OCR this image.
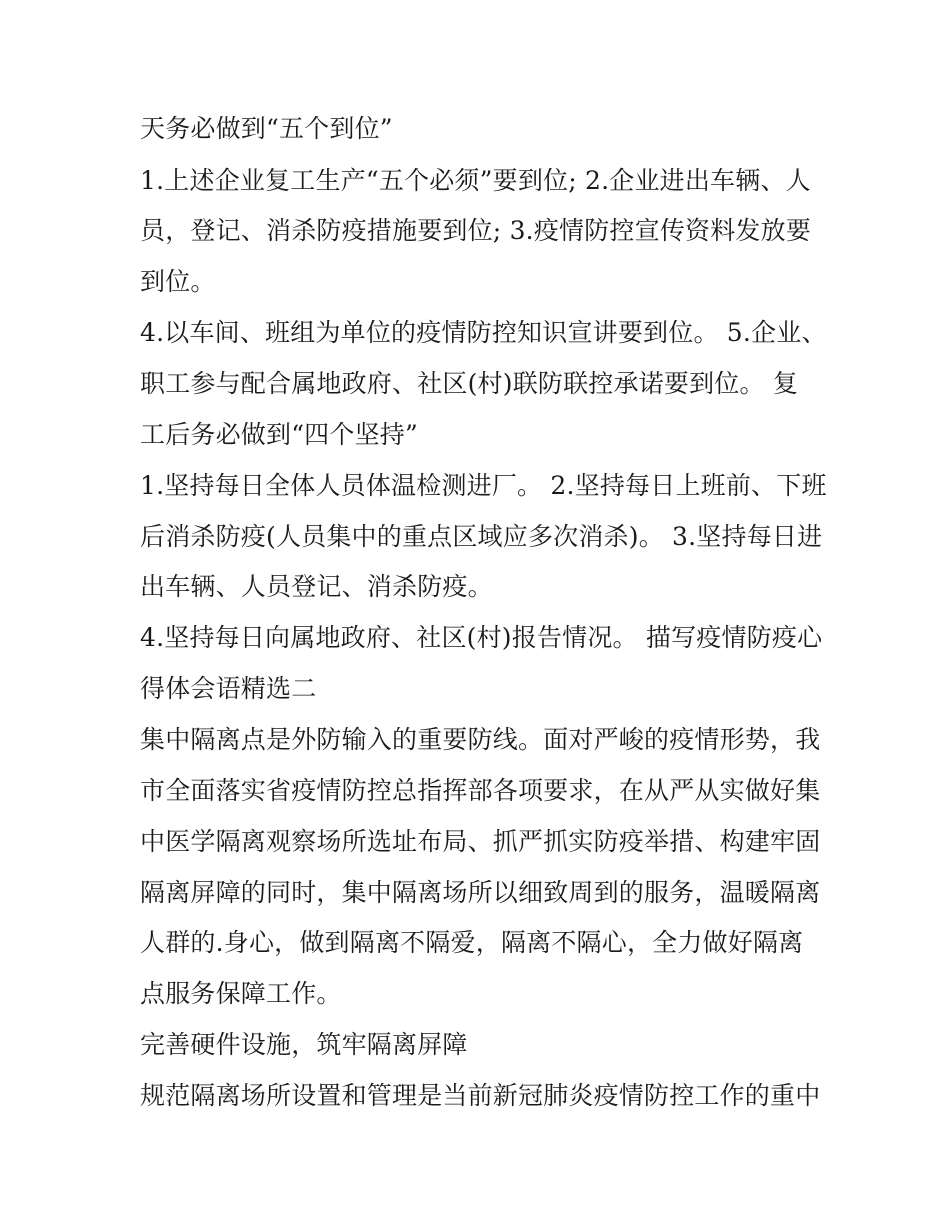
天务必做到“五个到位”
1.上述企业复工生产“五个必须”要到位; 2.企业进出车辆、人
员，登记、消杀防疫措施要到位; 3.疫情防控宣传资料发放要
到位。
4.以车间、班组为单位的疫情防控知识宣讲要到位。 5.企业、
职工参与配合属地政府、社区(村)联防联控承诺要到位。 复
工后务必做到“四个坚持”
1.坚持每日全体人员体温检测进厂。 2.坚持每日上班前、下班
后消杀防疫(人员集中的重点区域应多次消杀)。 3.坚持每日进
出车辆、人员登记、消杀防疫。
4.坚持每日向属地政府、社区(村)报告情况。 描写疫情防疫心
得体会语精选二
集中隔离点是外防输入的重要防线。面对严峻的疫情形势，我
市全面落实省疫情防控总指挥部各项要求，在从严从实做好集
中医学隔离观察场所选址布局、抓严抓实防疫举措、构建牢固
隔离屏障的同时，集中隔离场所以细致周到的服务，温暖隔离
人群的.身心，做到隔离不隔爱，隔离不隔心，全力做好隔离
点服务保障工作。
完善硬件设施，筑牢隔离屏障
规范隔离场所设置和管理是当前新冠肺炎疫情防控工作的重中
